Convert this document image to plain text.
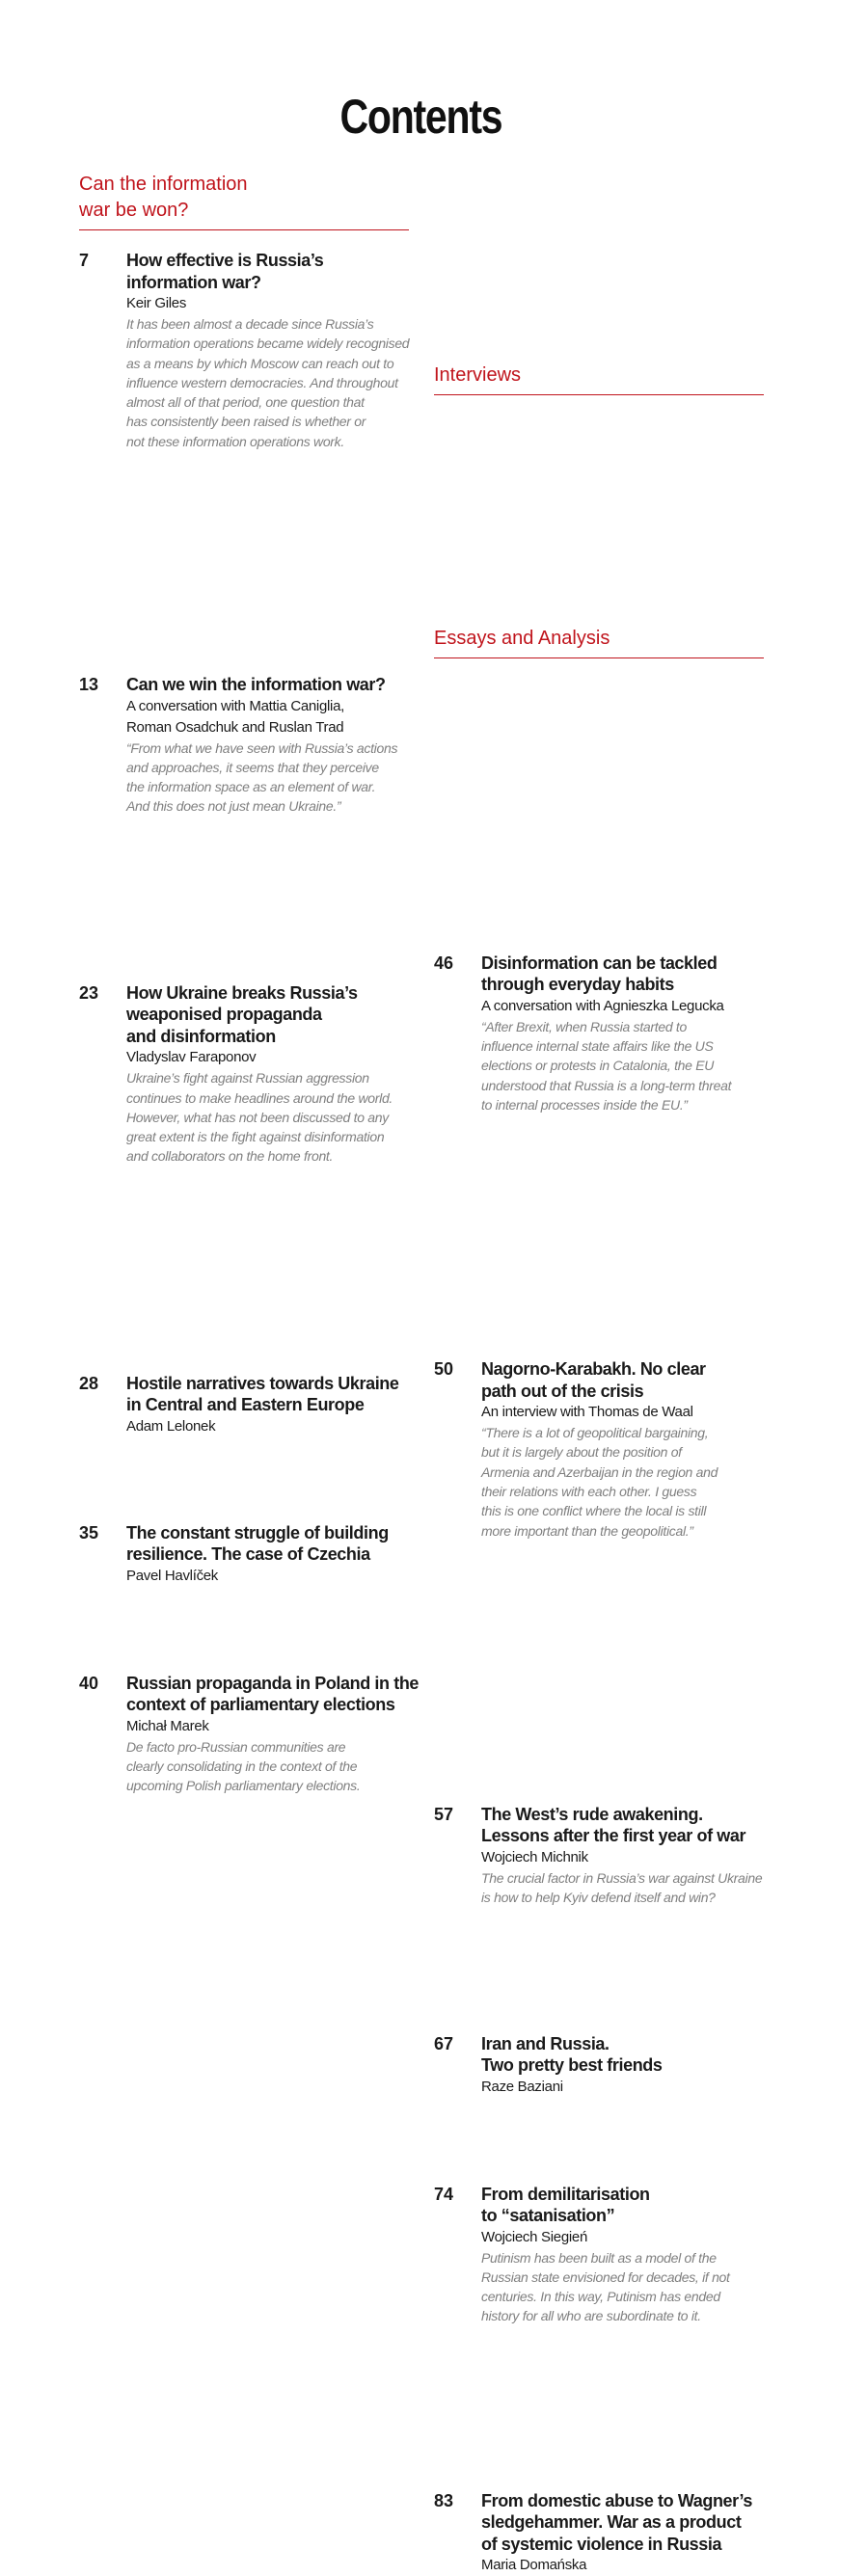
Contents
Can the information
war be won?
7 How effective is Russia’s
information war?
Keir Giles
It has been almost a decade since Russia’s
information operations became widely recognised
as a means by which Moscow can reach out to
influence western democracies. And throughout
almost all of that period, one question that
has consistently been raised is whether or
not these information operations work.
13 Can we win the information war?
A conversation with Mattia Caniglia,
Roman Osadchuk and Ruslan Trad
“From what we have seen with Russia’s actions
and approaches, it seems that they perceive
the information space as an element of war.
And this does not just mean Ukraine.”
23 How Ukraine breaks Russia’s
weaponised propaganda
and disinformation
Vladyslav Faraponov
Ukraine’s fight against Russian aggression
continues to make headlines around the world.
However, what has not been discussed to any
great extent is the fight against disinformation
and collaborators on the home front.
28 Hostile narratives towards Ukraine
in Central and Eastern Europe
Adam Lelonek
35 The constant struggle of building
resilience. The case of Czechia
Pavel Havlíček
40 Russian propaganda in Poland in the
context of parliamentary elections
Michał Marek
De facto pro-Russian communities are
clearly consolidating in the context of the
upcoming Polish parliamentary elections.
46 Disinformation can be tackled
through everyday habits
A conversation with Agnieszka Legucka
“After Brexit, when Russia started to
influence internal state affairs like the US
elections or protests in Catalonia, the EU
understood that Russia is a long-term threat
to internal processes inside the EU.”
Interviews
50 Nagorno-Karabakh. No clear
path out of the crisis
An interview with Thomas de Waal
“There is a lot of geopolitical bargaining,
but it is largely about the position of
Armenia and Azerbaijan in the region and
their relations with each other. I guess
this is one conflict where the local is still
more important than the geopolitical.”
Essays and Analysis
57 The West’s rude awakening.
Lessons after the first year of war
Wojciech Michnik
The crucial factor in Russia’s war against Ukraine
is how to help Kyiv defend itself and win?
67 Iran and Russia.
Two pretty best friends
Raze Baziani
74 From demilitarisation
to “satanisation”
Wojciech Siegień
Putinism has been built as a model of the
Russian state envisioned for decades, if not
centuries. In this way, Putinism has ended
history for all who are subordinate to it.
83 From domestic abuse to Wagner’s
sledgehammer. War as a product
of systemic violence in Russia
Maria Domańska
